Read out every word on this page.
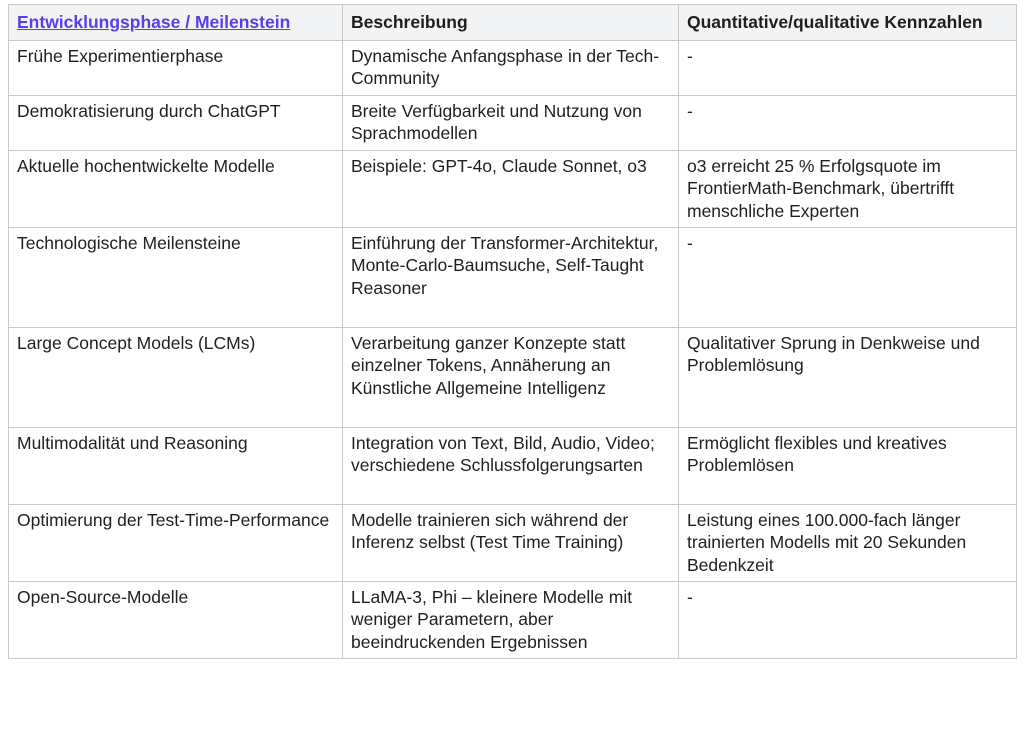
Entwicklungsphase / Meilenstein	Beschreibung	Quantitative/qualitative Kennzahlen
Frühe Experimentierphase	Dynamische Anfangsphase in der Tech-Community	-
Demokratisierung durch ChatGPT	Breite Verfügbarkeit und Nutzung von Sprachmodellen	-
Aktuelle hochentwickelte Modelle	Beispiele: GPT-4o, Claude Sonnet, o3	o3 erreicht 25 % Erfolgsquote im FrontierMath-Benchmark, übertrifft menschliche Experten
Technologische Meilensteine	Einführung der Transformer-Architektur, Monte-Carlo-Baumsuche, Self-Taught Reasoner	-
Large Concept Models (LCMs)	Verarbeitung ganzer Konzepte statt einzelner Tokens, Annäherung an Künstliche Allgemeine Intelligenz	Qualitativer Sprung in Denkweise und Problemlösung
Multimodalität und Reasoning	Integration von Text, Bild, Audio, Video; verschiedene Schlussfolgerungsarten	Ermöglicht flexibles und kreatives Problemlösen
Optimierung der Test-Time-Performance	Modelle trainieren sich während der Inferenz selbst (Test Time Training)	Leistung eines 100.000-fach länger trainierten Modells mit 20 Sekunden Bedenkzeit
Open-Source-Modelle	LLaMA-3, Phi – kleinere Modelle mit weniger Parametern, aber beeindruckenden Ergebnissen	-
